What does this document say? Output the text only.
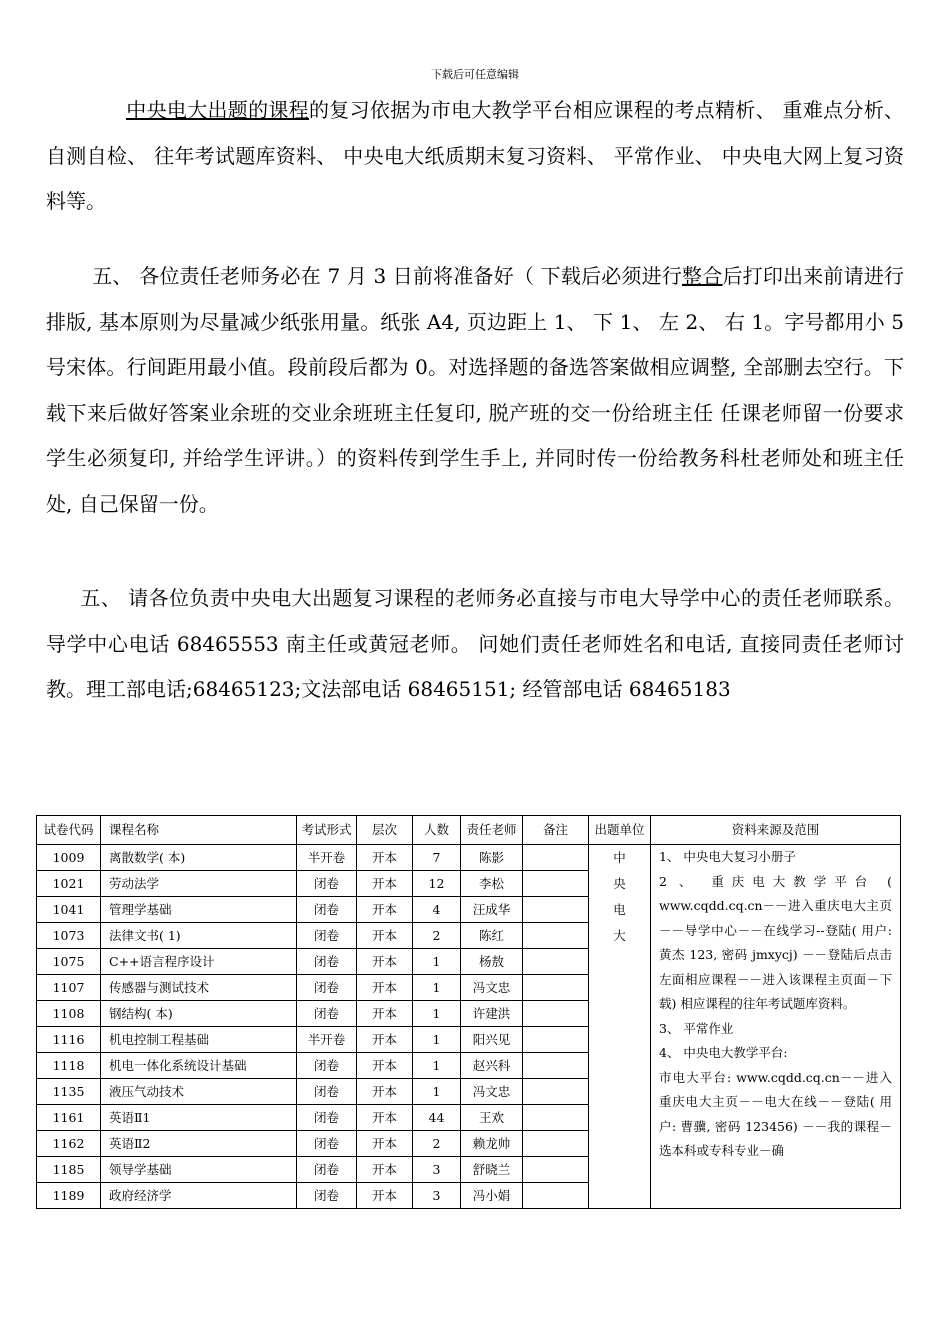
下载后可任意编辑

中央电大出题的课程的复习依据为市电大教学平台相应课程的考点精析、 重难点分析、 自测自检、 往年考试题库资料、 中央电大纸质期末复习资料、 平常作业、 中央电大网上复习资料等。

五、 各位责任老师务必在 7 月 3 日前将准备好（ 下载后必须进行整合后打印出来前请进行排版, 基本原则为尽量减少纸张用量。纸张 A4, 页边距上 1、 下 1、 左 2、 右 1。字号都用小 5 号宋体。行间距用最小值。段前段后都为 0。对选择题的备选答案做相应调整, 全部删去空行。下载下来后做好答案业余班的交业余班班主任复印, 脱产班的交一份给班主任 任课老师留一份要求学生必须复印, 并给学生评讲。）的资料传到学生手上, 并同时传一份给教务科杜老师处和班主任处, 自己保留一份。

五、 请各位负责中央电大出题复习课程的老师务必直接与市电大导学中心的责任老师联系。导学中心电话 68465553 南主任或黄冠老师。 问她们责任老师姓名和电话, 直接同责任老师讨教。理工部电话;68465123;文法部电话 68465151; 经管部电话 68465183

试卷代码	课程名称	考试形式	层次	人数	责任老师	备注	出题单位	资料来源及范围
1009	离散数学( 本)	半开卷	开本	7	陈影		中央电大	1、 中央电大复习小册子
2 、 重庆电大教学平台 ( www.cqdd.cq.cn－－进入重庆电大主页－－导学中心－－在线学习--登陆( 用户: 黄杰 123, 密码 jmxycj) －－登陆后点击左面相应课程－－进入该课程主页面－下载) 相应课程的往年考试题库资料。
3、 平常作业
4、 中央电大教学平台:
市电大平台: www.cqdd.cq.cn－－进入重庆电大主页－－电大在线－－登陆( 用户: 曹骥, 密码 123456) －－我的课程－选本科或专科专业－确

1021	劳动法学	闭卷	开本	12	李松			
1041	管理学基础	闭卷	开本	4	汪成华			
1073	法律文书( 1)	闭卷	开本	2	陈红			
1075	C++语言程序设计	闭卷	开本	1	杨敖			
1107	传感器与测试技术	闭卷	开本	1	冯文忠			
1108	钢结构( 本)	闭卷	开本	1	许建洪			
1116	机电控制工程基础	半开卷	开本	1	阳兴见			
1118	机电一体化系统设计基础	闭卷	开本	1	赵兴科			
1135	液压气动技术	闭卷	开本	1	冯文忠			
1161	英语Ⅱ1	闭卷	开本	44	王欢			
1162	英语Ⅱ2	闭卷	开本	2	赖龙帅			
1185	领导学基础	闭卷	开本	3	舒晓兰			
1189	政府经济学	闭卷	开本	3	冯小娟			
